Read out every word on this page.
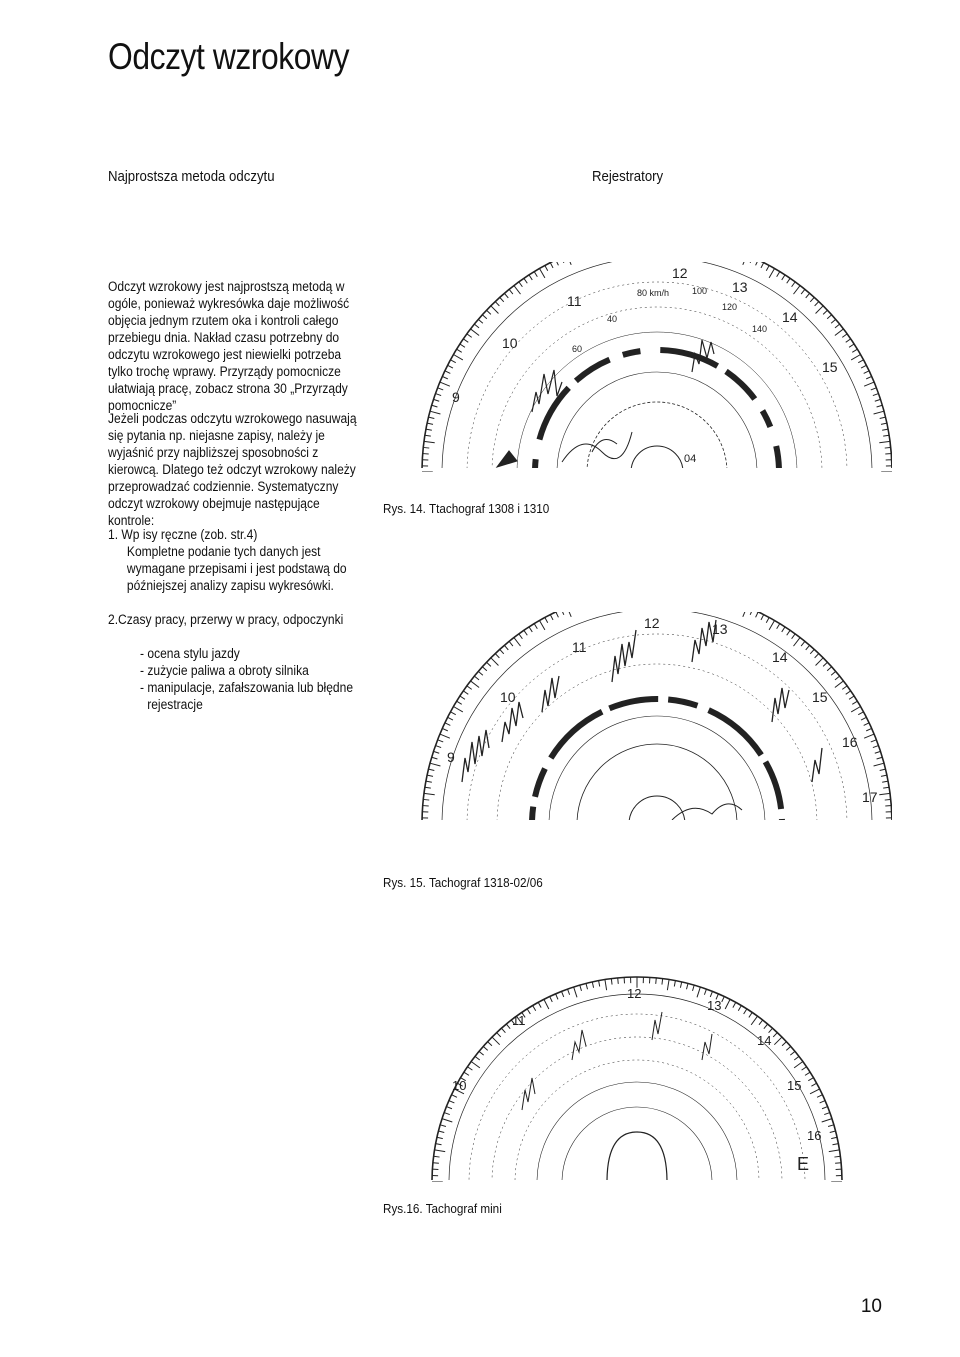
Odczyt wzrokowy
Najprostsza metoda odczytu	Rejestratory

Odczyt wzrokowy jest najprostszą metodą w ogóle, ponieważ wykresówka daje możliwość objęcia jednym rzutem oka i kontroli całego przebiegu dnia. Nakład czasu potrzebny do odczytu wzrokowego jest niewielki potrzeba tylko trochę wprawy. Przyrządy pomocnicze ułatwiają pracę, zobacz strona 30 „Przyrządy pomocnicze”

Jeżeli podczas odczytu wzrokowego nasuwają się pytania np. niejasne zapisy, należy je wyjaśnić przy najbliższej sposobności z kierowcą. Dlatego też odczyt wzrokowy należy przeprowadzać codziennie. Systematyczny odczyt wzrokowy obejmuje następujące kontrole:

1. Wp isy ręczne (zob. str.4)

Kompletne podanie tych danych jest wymagane przepisami i jest podstawą do późniejszej analizy zapisu wykresówki.

2.Czasy pracy, przerwy w pracy, odpoczynki

- ocena stylu jazdy

- zużycie paliwa a obroty silnika

- manipulacje, zafałszowania lub błędne

rejestracje

9
10
11
12
13
14
15
80 km/h
40
60
100
120
140
04
Rys. 14. Ttachograf 1308 i 1310
9
10
11
12	13
14
15
16
17
Rys. 15. Tachograf 1318-02/06
10
11
12
13
14
15
16
E
Rys.16. Tachograf mini
10
